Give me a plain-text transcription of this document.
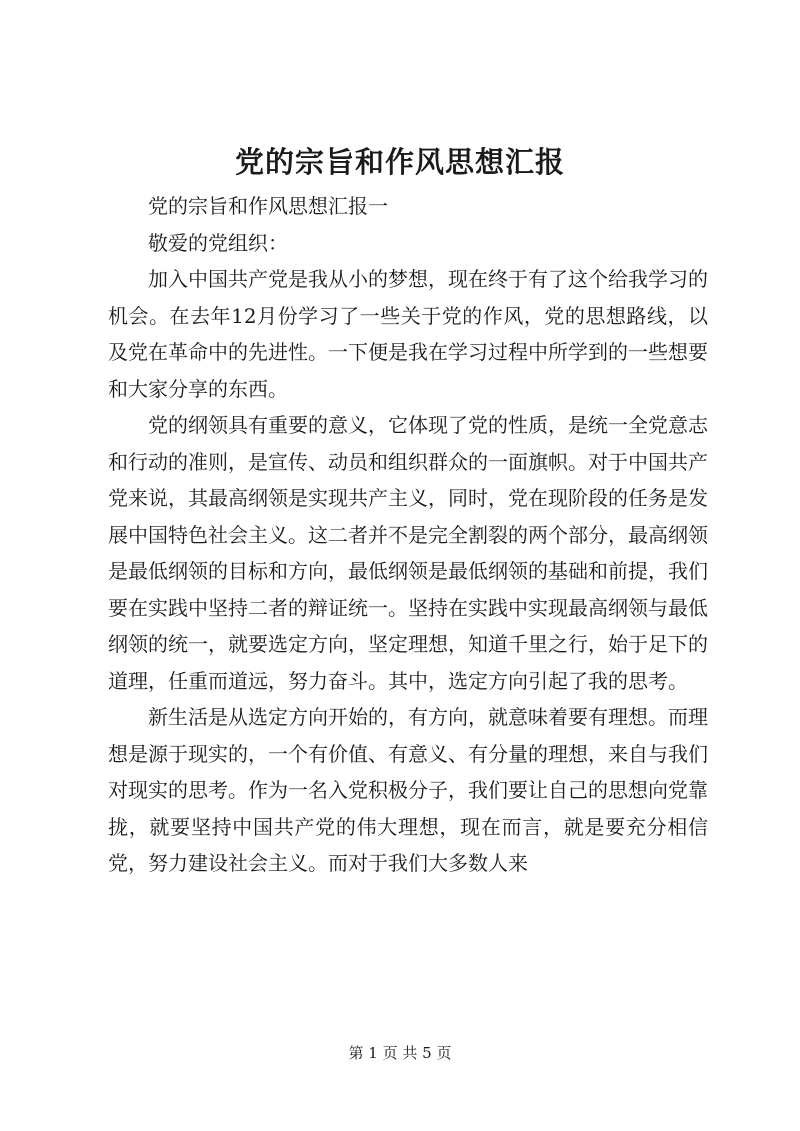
党的宗旨和作风思想汇报

党的宗旨和作风思想汇报一

敬爱的党组织：

加入中国共产党是我从小的梦想，现在终于有了这个给我学习的机会。在去年12月份学习了一些关于党的作风，党的思想路线，以及党在革命中的先进性。一下便是我在学习过程中所学到的一些想要和大家分享的东西。

党的纲领具有重要的意义，它体现了党的性质，是统一全党意志和行动的准则，是宣传、动员和组织群众的一面旗帜。对于中国共产党来说，其最高纲领是实现共产主义，同时，党在现阶段的任务是发展中国特色社会主义。这二者并不是完全割裂的两个部分，最高纲领是最低纲领的目标和方向，最低纲领是最低纲领的基础和前提，我们要在实践中坚持二者的辩证统一。坚持在实践中实现最高纲领与最低纲领的统一，就要选定方向，坚定理想，知道千里之行，始于足下的道理，任重而道远，努力奋斗。其中，选定方向引起了我的思考。

新生活是从选定方向开始的，有方向，就意味着要有理想。而理想是源于现实的，一个有价值、有意义、有分量的理想，来自与我们对现实的思考。作为一名入党积极分子，我们要让自己的思想向党靠拢，就要坚持中国共产党的伟大理想，现在而言，就是要充分相信党，努力建设社会主义。而对于我们大多数人来

第 1 页 共 5 页
